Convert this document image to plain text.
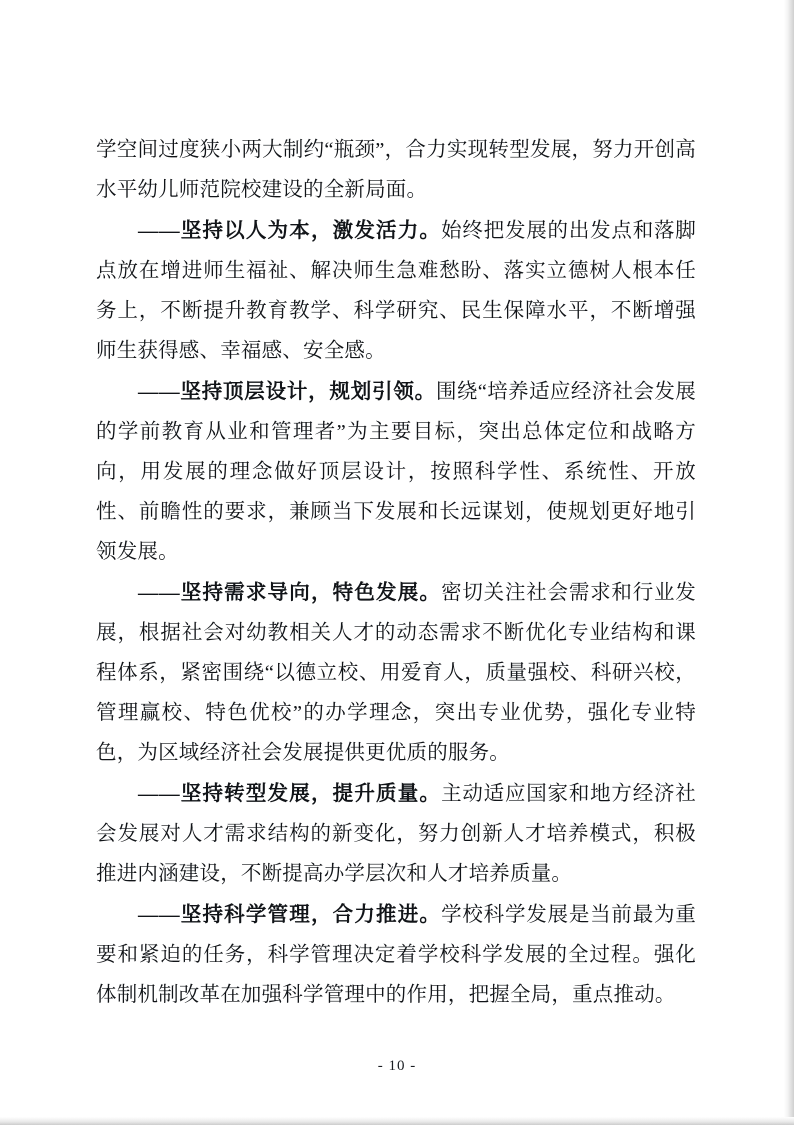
学空间过度狭小两大制约“瓶颈”，合力实现转型发展，努力开创高水平幼儿师范院校建设的全新局面。

——坚持以人为本，激发活力。始终把发展的出发点和落脚点放在增进师生福祉、解决师生急难愁盼、落实立德树人根本任务上，不断提升教育教学、科学研究、民生保障水平，不断增强师生获得感、幸福感、安全感。

——坚持顶层设计，规划引领。围绕“培养适应经济社会发展的学前教育从业和管理者”为主要目标，突出总体定位和战略方向，用发展的理念做好顶层设计，按照科学性、系统性、开放性、前瞻性的要求，兼顾当下发展和长远谋划，使规划更好地引领发展。

——坚持需求导向，特色发展。密切关注社会需求和行业发展，根据社会对幼教相关人才的动态需求不断优化专业结构和课程体系，紧密围绕“以德立校、用爱育人，质量强校、科研兴校，管理赢校、特色优校”的办学理念，突出专业优势，强化专业特色，为区域经济社会发展提供更优质的服务。

——坚持转型发展，提升质量。主动适应国家和地方经济社会发展对人才需求结构的新变化，努力创新人才培养模式，积极推进内涵建设，不断提高办学层次和人才培养质量。

——坚持科学管理，合力推进。学校科学发展是当前最为重要和紧迫的任务，科学管理决定着学校科学发展的全过程。强化体制机制改革在加强科学管理中的作用，把握全局，重点推动。

- 10 -
